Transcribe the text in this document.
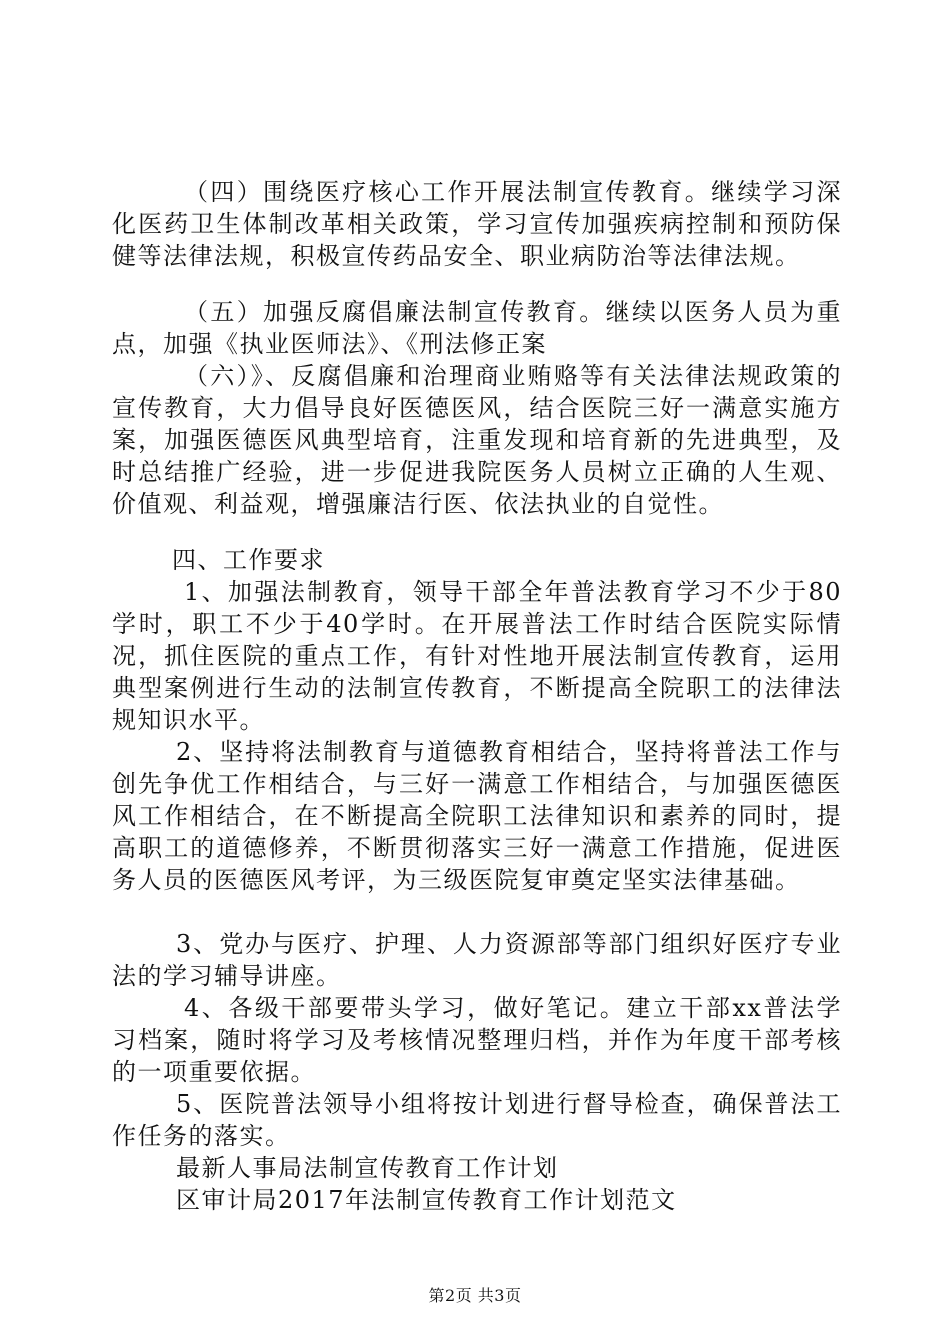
（四）围绕医疗核心工作开展法制宣传教育。继续学习深化医药卫生体制改革相关政策，学习宣传加强疾病控制和预防保健等法律法规，积极宣传药品安全、职业病防治等法律法规。

（五）加强反腐倡廉法制宣传教育。继续以医务人员为重点，加强《执业医师法》、《刑法修正案

（六）》、反腐倡廉和治理商业贿赂等有关法律法规政策的宣传教育，大力倡导良好医德医风，结合医院三好一满意实施方案，加强医德医风典型培育，注重发现和培育新的先进典型，及时总结推广经验，进一步促进我院医务人员树立正确的人生观、价值观、利益观，增强廉洁行医、依法执业的自觉性。

四、工作要求

1、加强法制教育，领导干部全年普法教育学习不少于80学时，职工不少于40学时。在开展普法工作时结合医院实际情况，抓住医院的重点工作，有针对性地开展法制宣传教育，运用典型案例进行生动的法制宣传教育，不断提高全院职工的法律法规知识水平。

2、坚持将法制教育与道德教育相结合，坚持将普法工作与创先争优工作相结合，与三好一满意工作相结合，与加强医德医风工作相结合，在不断提高全院职工法律知识和素养的同时，提高职工的道德修养，不断贯彻落实三好一满意工作措施，促进医务人员的医德医风考评，为三级医院复审奠定坚实法律基础。

3、党办与医疗、护理、人力资源部等部门组织好医疗专业法的学习辅导讲座。

4、各级干部要带头学习，做好笔记。建立干部xx普法学习档案，随时将学习及考核情况整理归档，并作为年度干部考核的一项重要依据。

5、医院普法领导小组将按计划进行督导检查，确保普法工作任务的落实。

最新人事局法制宣传教育工作计划

区审计局2017年法制宣传教育工作计划范文

第2页 共3页
